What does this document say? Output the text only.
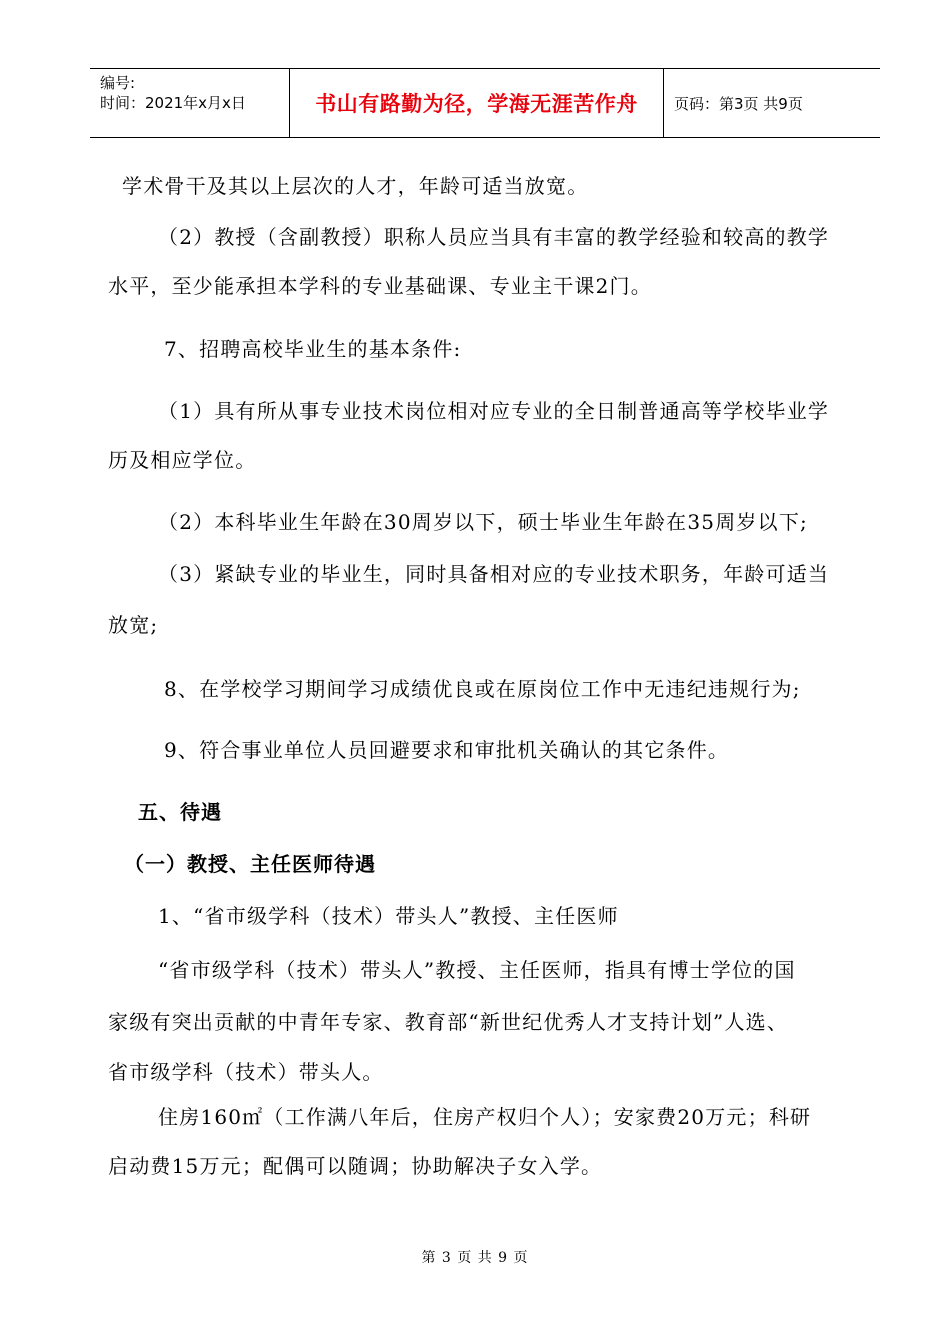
编号:
时间：2021年x月x日	书山有路勤为径，学海无涯苦作舟	页码：第3页 共9页
学术骨干及其以上层次的人才，年龄可适当放宽。
（2）教授（含副教授）职称人员应当具有丰富的教学经验和较高的教学
水平，至少能承担本学科的专业基础课、专业主干课2门。
7、招聘高校毕业生的基本条件:
（1）具有所从事专业技术岗位相对应专业的全日制普通高等学校毕业学
历及相应学位。
（2）本科毕业生年龄在30周岁以下，硕士毕业生年龄在35周岁以下;
（3）紧缺专业的毕业生，同时具备相对应的专业技术职务，年龄可适当
放宽;
8、在学校学习期间学习成绩优良或在原岗位工作中无违纪违规行为;
9、符合事业单位人员回避要求和审批机关确认的其它条件。
五、待遇
（一）教授、主任医师待遇
1、“省市级学科（技术）带头人”教授、主任医师
“省市级学科（技术）带头人”教授、主任医师，指具有博士学位的国
家级有突出贡献的中青年专家、教育部“新世纪优秀人才支持计划”人选、
省市级学科（技术）带头人。
住房160㎡（工作满八年后，住房产权归个人）；安家费20万元；科研
启动费15万元；配偶可以随调；协助解决子女入学。
第 3 页 共 9 页
